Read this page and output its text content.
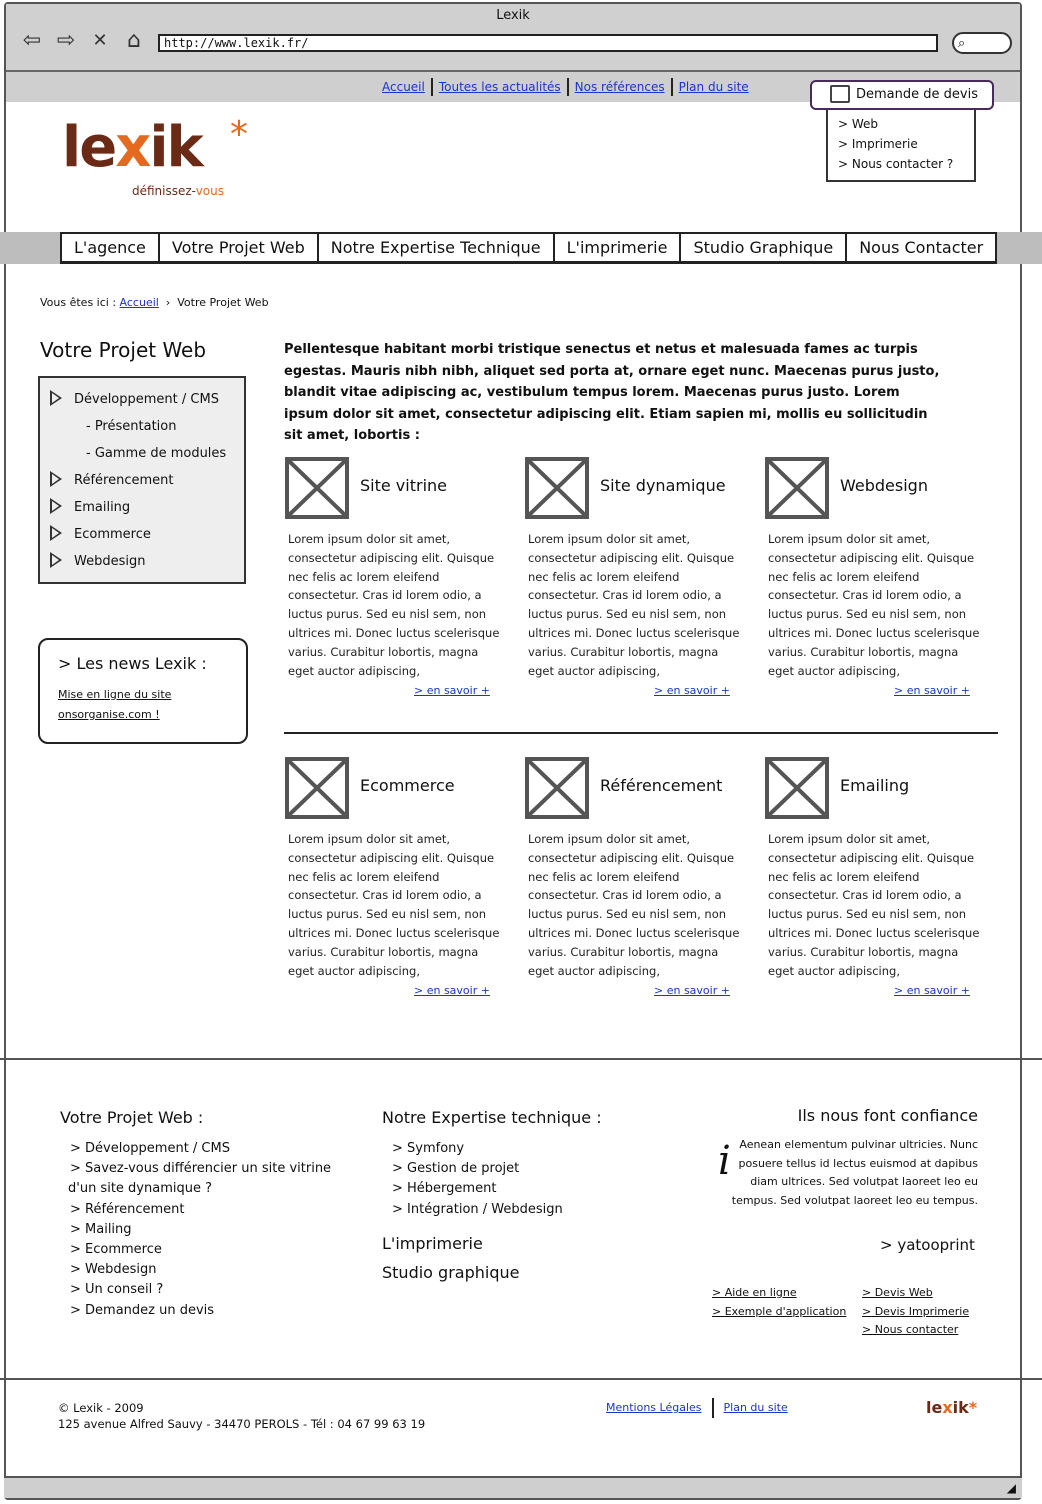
Lexik
⇦ ⇨ ✕ ⌂	http://www.lexik.fr/	⌕
Accueil	Toutes les actualités	Nos références	Plan du site	Demande de devis
> Web
> Imprimerie
> Nous contacter ?
lexik *
définissez-vous
L'agence	Votre Projet Web	Notre Expertise Technique	L'imprimerie	Studio Graphique	Nous Contacter
Vous êtes ici : Accueil  ›  Votre Projet Web
Votre Projet Web
Développement / CMS
- Présentation
- Gamme de modules
Référencement
Emailing
Ecommerce
Webdesign
> Les news Lexik :
Mise en ligne du site
onsorganise.com !
Pellentesque habitant morbi tristique senectus et netus et malesuada fames ac turpis egestas. Mauris nibh nibh, aliquet sed porta at, ornare eget nunc. Maecenas purus justo, blandit vitae adipiscing ac, vestibulum tempus lorem. Maecenas purus justo. Lorem ipsum dolor sit amet, consectetur adipiscing elit. Etiam sapien mi, mollis eu sollicitudin sit amet, lobortis :
Site vitrine
Lorem ipsum dolor sit amet, consectetur adipiscing elit. Quisque nec felis ac lorem eleifend consectetur. Cras id lorem odio, a luctus purus. Sed eu nisl sem, non ultrices mi. Donec luctus scelerisque varius. Curabitur lobortis, magna eget auctor adipiscing,
> en savoir +
Site dynamique
Lorem ipsum dolor sit amet, consectetur adipiscing elit. Quisque nec felis ac lorem eleifend consectetur. Cras id lorem odio, a luctus purus. Sed eu nisl sem, non ultrices mi. Donec luctus scelerisque varius. Curabitur lobortis, magna eget auctor adipiscing,
> en savoir +
Webdesign
Lorem ipsum dolor sit amet, consectetur adipiscing elit. Quisque nec felis ac lorem eleifend consectetur. Cras id lorem odio, a luctus purus. Sed eu nisl sem, non ultrices mi. Donec luctus scelerisque varius. Curabitur lobortis, magna eget auctor adipiscing,
> en savoir +
Ecommerce
Lorem ipsum dolor sit amet, consectetur adipiscing elit. Quisque nec felis ac lorem eleifend consectetur. Cras id lorem odio, a luctus purus. Sed eu nisl sem, non ultrices mi. Donec luctus scelerisque varius. Curabitur lobortis, magna eget auctor adipiscing,
> en savoir +
Référencement
Lorem ipsum dolor sit amet, consectetur adipiscing elit. Quisque nec felis ac lorem eleifend consectetur. Cras id lorem odio, a luctus purus. Sed eu nisl sem, non ultrices mi. Donec luctus scelerisque varius. Curabitur lobortis, magna eget auctor adipiscing,
> en savoir +
Emailing
Lorem ipsum dolor sit amet, consectetur adipiscing elit. Quisque nec felis ac lorem eleifend consectetur. Cras id lorem odio, a luctus purus. Sed eu nisl sem, non ultrices mi. Donec luctus scelerisque varius. Curabitur lobortis, magna eget auctor adipiscing,
> en savoir +
Votre Projet Web :
> Développement / CMS
> Savez-vous différencier un site vitrine
d'un site dynamique ?
> Référencement
> Mailing
> Ecommerce
> Webdesign
> Un conseil ?
> Demandez un devis
Notre Expertise technique :
> Symfony
> Gestion de projet
> Hébergement
> Intégration / Webdesign
L'imprimerie
Studio graphique
Ils nous font confiance
i Aenean elementum pulvinar ultricies. Nunc posuere tellus id lectus euismod at dapibus diam ultrices. Sed volutpat laoreet leo eu tempus. Sed volutpat laoreet leo eu tempus.
> yatooprint
> Aide en ligne
> Exemple d'application
> Devis Web
> Devis Imprimerie
> Nous contacter
© Lexik - 2009
125 avenue Alfred Sauvy - 34470 PEROLS - Tél : 04 67 99 63 19
Mentions Légales	Plan du site	lexik*
◢
